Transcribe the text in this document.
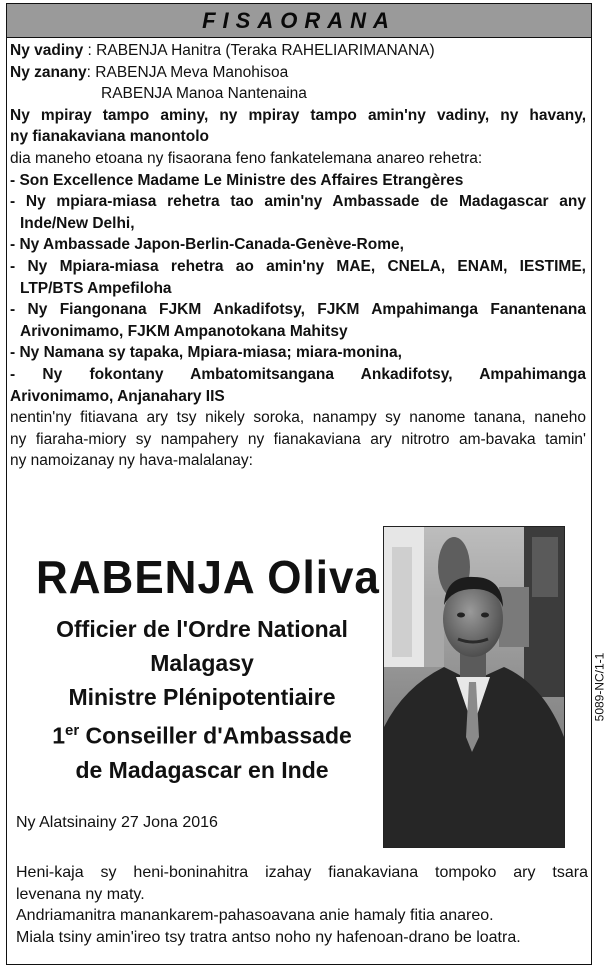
FISAORANA
Ny vadiny : RABENJA Hanitra (Teraka RAHELIARIMANANA)
Ny zanany: RABENJA Meva Manohisoa
RABENJA Manoa Nantenaina
Ny mpiray tampo aminy, ny mpiray tampo amin'ny vadiny, ny havany,
ny fianakaviana manontolo
dia maneho etoana ny fisaorana feno fankatelemana anareo rehetra:
- Son Excellence Madame Le Ministre des Affaires Etrangères
- Ny mpiara-miasa rehetra tao amin'ny Ambassade de Madagascar any
Inde/New Delhi,
- Ny Ambassade Japon-Berlin-Canada-Genève-Rome,
- Ny Mpiara-miasa rehetra ao amin'ny MAE, CNELA, ENAM, IESTIME,
LTP/BTS Ampefiloha
- Ny Fiangonana FJKM Ankadifotsy, FJKM Ampahimanga Fanantenana
Arivonimamo, FJKM Ampanotokana Mahitsy
- Ny Namana sy tapaka, Mpiara-miasa; miara-monina,
- Ny fokontany Ambatomitsangana Ankadifotsy, Ampahimanga
Arivonimamo, Anjanahary IIS
nentin'ny fitiavana ary tsy nikely soroka, nanampy sy nanome tanana, naneho
ny fiaraha-miory sy nampahery ny fianakaviana ary nitrotro am-bavaka tamin'
ny namoizanay ny hava-malalanay:
RABENJA Oliva
Officier de l'Ordre National
Malagasy
Ministre Plénipotentiaire
1er Conseiller d'Ambassade
de Madagascar en Inde
Ny Alatsinainy 27 Jona 2016
5089-NC/1-1
Heni-kaja sy heni-boninahitra izahay fianakaviana tompoko ary tsara
levenana ny maty.
Andriamanitra manankarem-pahasoavana anie hamaly fitia anareo.
Miala tsiny amin'ireo tsy tratra antso noho ny hafenoan-drano be loatra.
